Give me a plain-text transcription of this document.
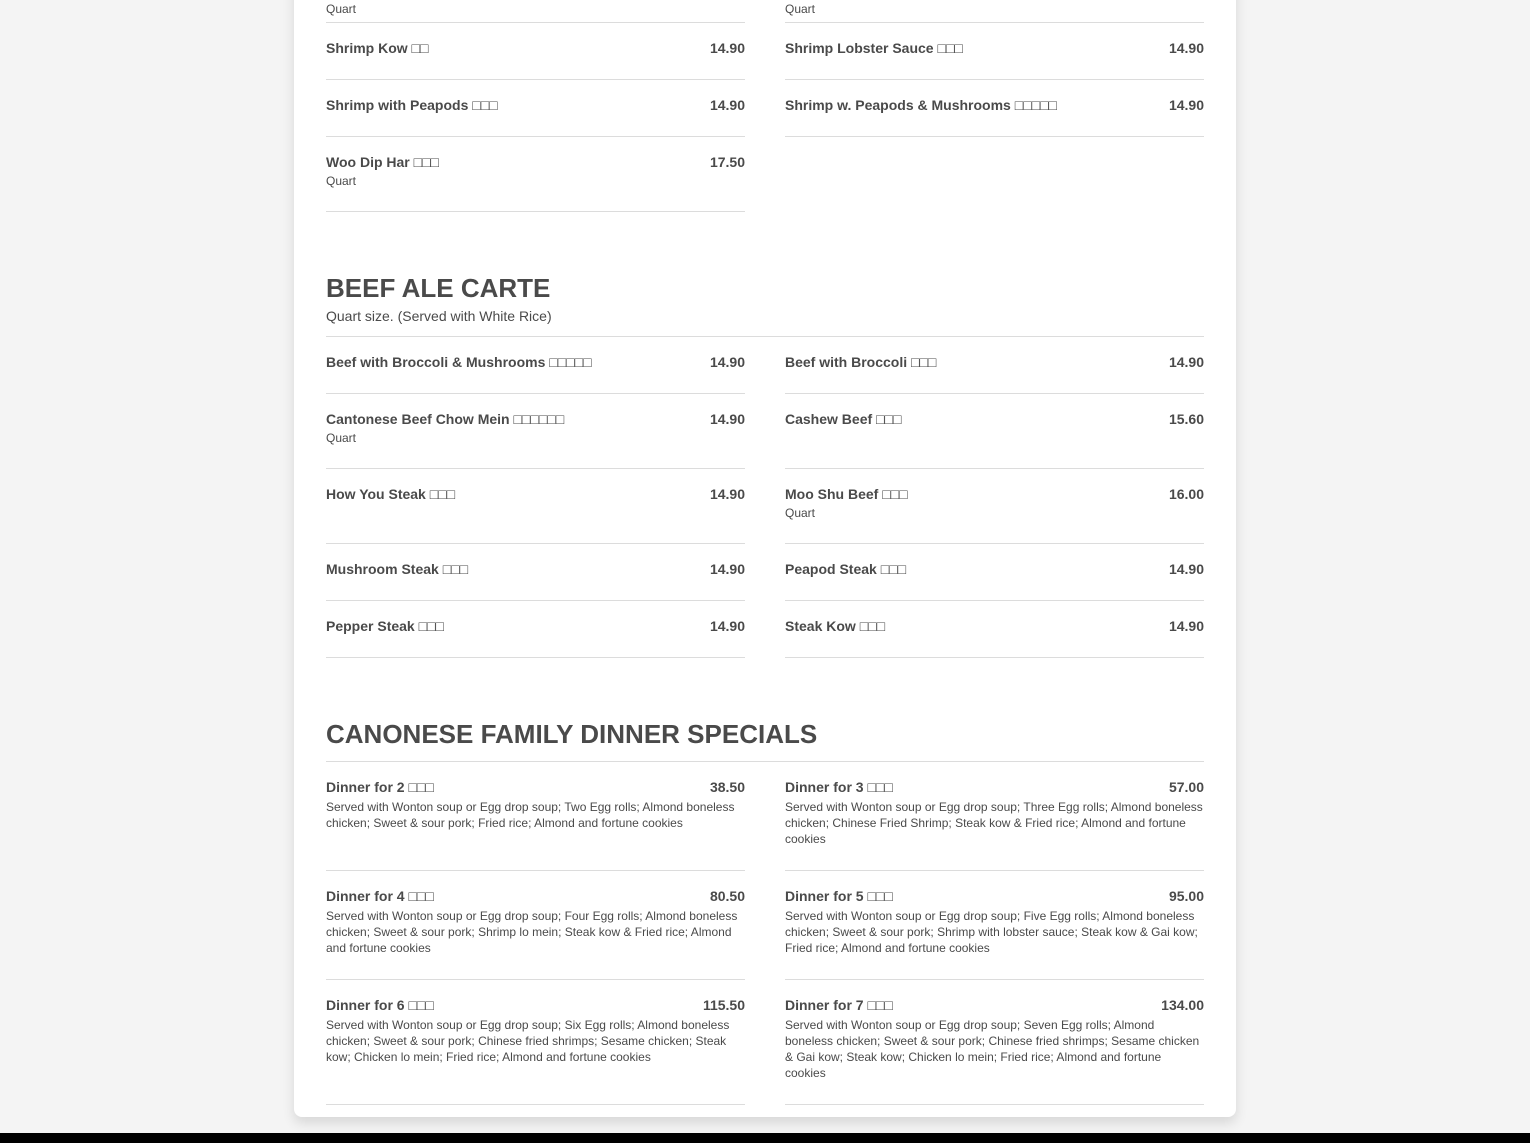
Quart	Quart
Shrimp Kow □□	14.90	Shrimp Lobster Sauce □□□	14.90
Shrimp with Peapods □□□	14.90	Shrimp w. Peapods & Mushrooms □□□□□	14.90
Woo Dip Har □□□	17.50
Quart
BEEF ALE CARTE
Quart size. (Served with White Rice)
Beef with Broccoli & Mushrooms □□□□□	14.90	Beef with Broccoli □□□	14.90
Cantonese Beef Chow Mein □□□□□□	14.90
Quart
Cashew Beef □□□	15.60
How You Steak □□□	14.90	Moo Shu Beef □□□	16.00
Quart
Mushroom Steak □□□	14.90	Peapod Steak □□□	14.90
Pepper Steak □□□	14.90	Steak Kow □□□	14.90
CANONESE FAMILY DINNER SPECIALS
Dinner for 2 □□□	38.50
Served with Wonton soup or Egg drop soup; Two Egg rolls; Almond boneless chicken; Sweet & sour pork; Fried rice; Almond and fortune cookies
Dinner for 3 □□□	57.00
Served with Wonton soup or Egg drop soup; Three Egg rolls; Almond boneless chicken; Chinese Fried Shrimp; Steak kow & Fried rice; Almond and fortune cookies
Dinner for 4 □□□	80.50
Served with Wonton soup or Egg drop soup; Four Egg rolls; Almond boneless chicken; Sweet & sour pork; Shrimp lo mein; Steak kow & Fried rice; Almond and fortune cookies
Dinner for 5 □□□	95.00
Served with Wonton soup or Egg drop soup; Five Egg rolls; Almond boneless chicken; Sweet & sour pork; Shrimp with lobster sauce; Steak kow & Gai kow; Fried rice; Almond and fortune cookies
Dinner for 6 □□□	115.50
Served with Wonton soup or Egg drop soup; Six Egg rolls; Almond boneless chicken; Sweet & sour pork; Chinese fried shrimps; Sesame chicken; Steak kow; Chicken lo mein; Fried rice; Almond and fortune cookies
Dinner for 7 □□□	134.00
Served with Wonton soup or Egg drop soup; Seven Egg rolls; Almond boneless chicken; Sweet & sour pork; Chinese fried shrimps; Sesame chicken & Gai kow; Steak kow; Chicken lo mein; Fried rice; Almond and fortune cookies
